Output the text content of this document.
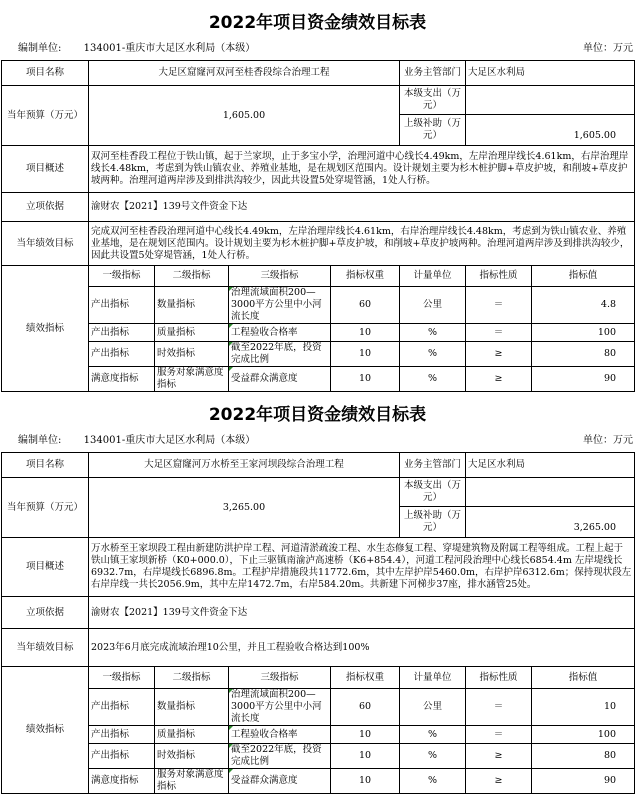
2022年项目资金绩效目标表
编制单位: 134001-重庆市大足区水利局（本级）	单位：万元
项目名称	大足区窟窿河双河至桂香段综合治理工程				业务主管部门	大足区水利局	
当年预算（万元）	1,605.00				本级支出（万元）		
					上级补助（万元）	1,605.00	
项目概述	双河至桂香段工程位于铁山镇，起于兰家坝，止于多宝小学，治理河道中心线长4.49km，左岸治理岸线长4.61km，右岸治理岸线长4.48km，考虑到为铁山镇农业、养殖业基地，是在规划区范围内。设计规划主要为杉木桩护脚+草皮护坡，和削坡+草皮护坡两种。治理河道两岸涉及到排洪沟较少，因此共设置5处穿堤管涵，1处人行桥。						
立项依据	渝财农【2021】139号文件资金下达						
当年绩效目标	完成双河至桂香段治理河道中心线长4.49km，左岸治理岸线长4.61km，右岸治理岸线长4.48km，考虑到为铁山镇农业、养殖业基地，是在规划区范围内。设计规划主要为杉木桩护脚+草皮护坡，和削坡+草皮护坡两种。治理河道两岸涉及到排洪沟较少，因此共设置5处穿堤管涵，1处人行桥。						
绩效指标	一级指标	二级指标	三级指标	指标权重	计量单位	指标性质	指标值
	产出指标	数量指标	治理流域面积200—3000平方公里中小河流长度	60	公里	＝	4.8
	产出指标	质量指标	工程验收合格率	10	%	＝	100
	产出指标	时效指标	截至2022年底，投资完成比例	10	%	≥	80
	满意度指标	服务对象满意度指标	受益群众满意度	10	%	≥	90
2022年项目资金绩效目标表
编制单位: 134001-重庆市大足区水利局（本级）	单位：万元
项目名称	大足区窟窿河万水桥至王家河坝段综合治理工程				业务主管部门	大足区水利局	
当年预算（万元）	3,265.00				本级支出（万元）		
					上级补助（万元）	3,265.00	
项目概述	万水桥至王家坝段工程由新建防洪护岸工程、河道清淤疏浚工程、水生态修复工程、穿堤建筑物及附属工程等组成。工程上起于铁山镇王家坝新桥（K0+000.0），下止三驱镇南渝泸高速桥（K6+854.4），河道工程河段治理中心线长6854.4m 左岸堤线长6932.7m，右岸堤线长6896.8m。工程护岸措施段共11772.6m，其中左岸护岸5460.0m，右岸护岸6312.6m；保持现状段左右岸岸线一共长2056.9m，其中左岸1472.7m，右岸584.20m。共新建下河梯步37座，排水涵管25处。						
立项依据	渝财农【2021】139号文件资金下达						
当年绩效目标	2023年6月底完成流域治理10公里，并且工程验收合格达到100%						
绩效指标	一级指标	二级指标	三级指标	指标权重	计量单位	指标性质	指标值
	产出指标	数量指标	治理流域面积200—3000平方公里中小河流长度	60	公里	＝	10
	产出指标	质量指标	工程验收合格率	10	%	＝	100
	产出指标	时效指标	截至2022年底，投资完成比例	10	%	≥	80
	满意度指标	服务对象满意度指标	受益群众满意度	10	%	≥	90
